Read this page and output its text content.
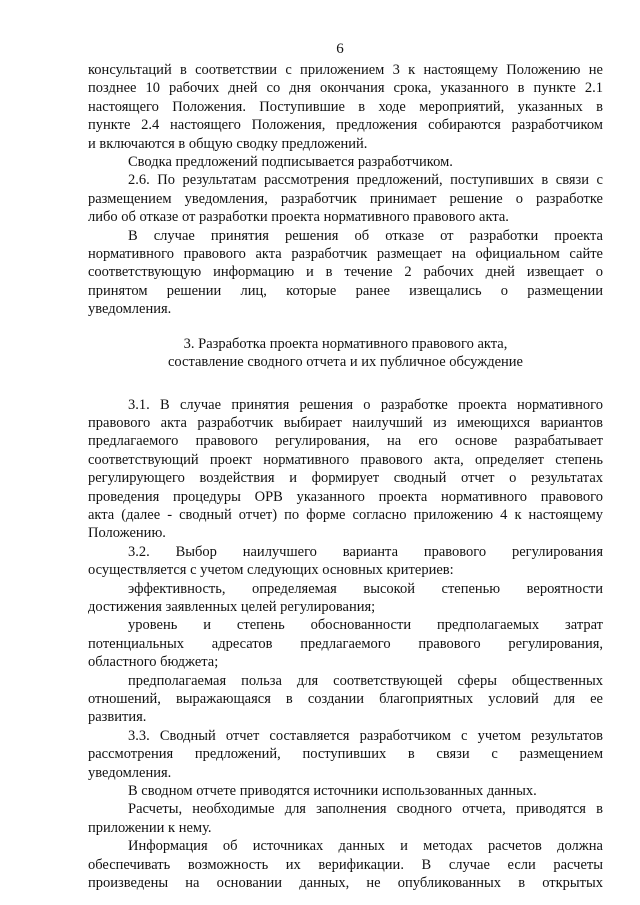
6

консультаций в соответствии с приложением 3 к настоящему Положению не

позднее 10 рабочих дней со дня окончания срока, указанного в пункте 2.1

настоящего Положения. Поступившие в ходе мероприятий, указанных в

пункте 2.4 настоящего Положения, предложения собираются разработчиком

и включаются в общую сводку предложений.

Сводка предложений подписывается разработчиком.

2.6. По результатам рассмотрения предложений, поступивших в связи с

размещением уведомления, разработчик принимает решение о разработке

либо об отказе от разработки проекта нормативного правового акта.

В случае принятия решения об отказе от разработки проекта

нормативного правового акта разработчик размещает на официальном сайте

соответствующую информацию и в течение 2 рабочих дней извещает о

принятом решении лиц, которые ранее извещались о размещении

уведомления.

3. Разработка проекта нормативного правового акта,
составление сводного отчета и их публичное обсуждение

3.1. В случае принятия решения о разработке проекта нормативного

правового акта разработчик выбирает наилучший из имеющихся вариантов

предлагаемого правового регулирования, на его основе разрабатывает

соответствующий проект нормативного правового акта, определяет степень

регулирующего воздействия и формирует сводный отчет о результатах

проведения процедуры ОРВ указанного проекта нормативного правового

акта (далее - сводный отчет) по форме согласно приложению 4 к настоящему

Положению.

3.2. Выбор наилучшего варианта правового регулирования

осуществляется с учетом следующих основных критериев:

эффективность, определяемая высокой степенью вероятности

достижения заявленных целей регулирования;

уровень и степень обоснованности предполагаемых затрат

потенциальных адресатов предлагаемого правового регулирования,

областного бюджета;

предполагаемая польза для соответствующей сферы общественных

отношений, выражающаяся в создании благоприятных условий для ее

развития.

3.3. Сводный отчет составляется разработчиком с учетом результатов

рассмотрения предложений, поступивших в связи с размещением

уведомления.

В сводном отчете приводятся источники использованных данных.

Расчеты, необходимые для заполнения сводного отчета, приводятся в

приложении к нему.

Информация об источниках данных и методах расчетов должна

обеспечивать возможность их верификации. В случае если расчеты

произведены на основании данных, не опубликованных в открытых
